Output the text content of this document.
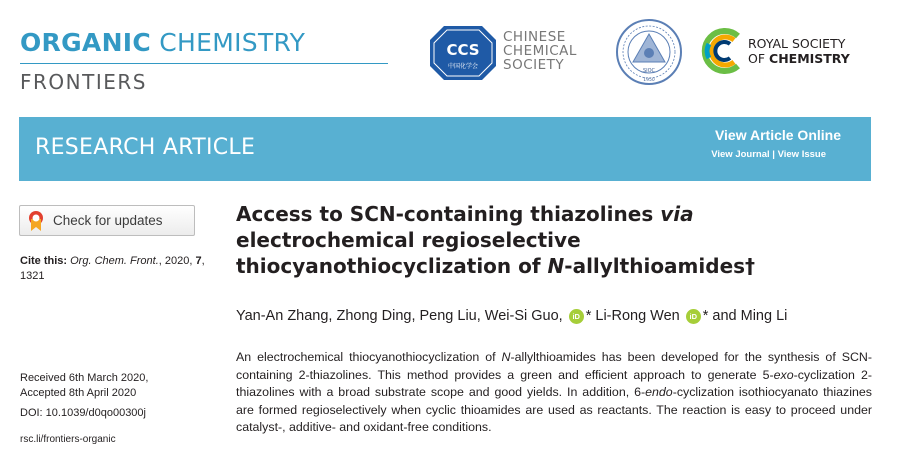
ORGANIC CHEMISTRY
FRONTIERS
CCS
中国化学会
CHINESE
CHEMICAL
SOCIETY	SIOC
1950
ROYAL SOCIETY
OF CHEMISTRY
RESEARCH ARTICLE	View Article Online
View Journal | View Issue
Check for updates
Cite this: Org. Chem. Front., 2020, 7, 1321
Received 6th March 2020,
Accepted 8th April 2020
DOI: 10.1039/d0qo00300j
rsc.li/frontiers-organic
Access to SCN-containing thiazolines via
electrochemical regioselective
thiocyanothiocyclization of N-allylthioamides†
Yan-An Zhang, Zhong Ding, Peng Liu, Wei-Si Guo,	iD * Li-Rong Wen	iD * and Ming Li
An electrochemical thiocyanothiocyclization of N-allylthioamides has been developed for the synthesis of SCN-containing 2-thiazolines. This method provides a green and efficient approach to generate 5-exo-cyclization 2-thiazolines with a broad substrate scope and good yields. In addition, 6-endo-cyclization isothiocyanato thiazines are formed regioselectively when cyclic thioamides are used as reactants. The reaction is easy to proceed under catalyst-, additive- and oxidant-free conditions.
